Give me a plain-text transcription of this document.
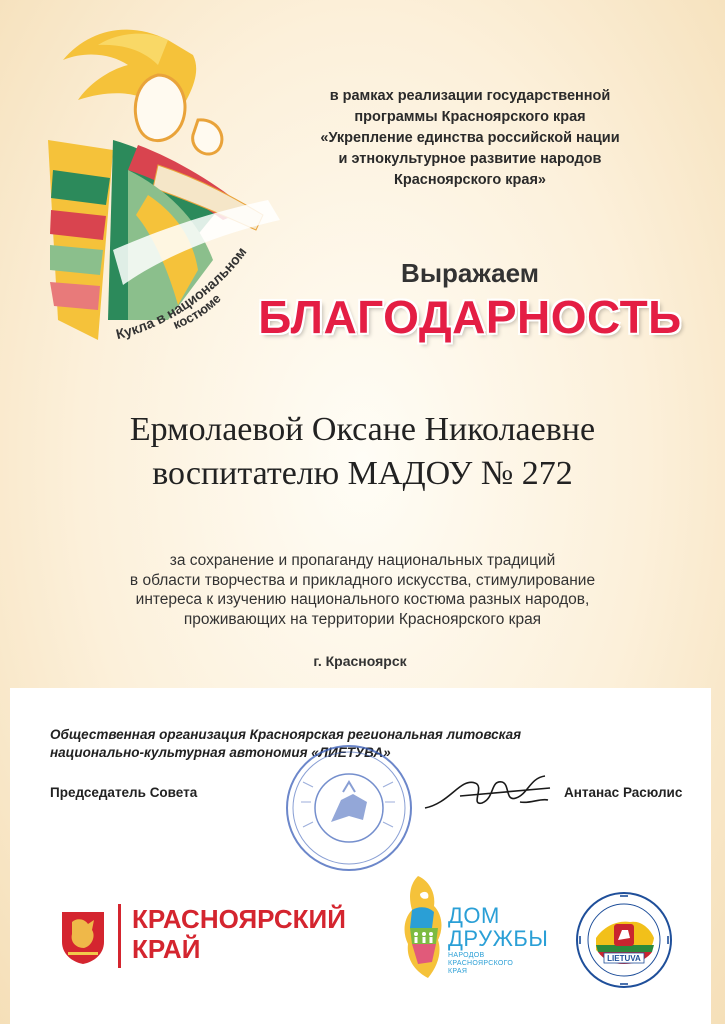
Кукла в национальном
костюме
в рамках реализации государственной
программы Красноярского края
«Укрепление единства российской нации
и этнокультурное развитие народов
Красноярского края»
Выражаем
БЛАГОДАРНОСТЬ
Ермолаевой Оксане Николаевне
воспитателю МАДОУ № 272
за сохранение и пропаганду национальных традиций
в области творчества и прикладного искусства, стимулирование
интереса к изучению национального костюма разных народов,
проживающих на территории Красноярского края
г. Красноярск
Общественная организация Красноярская региональная литовская
национально-культурная автономия «ЛИЕТУВА»
Председатель Совета	Антанас Расюлис
КРАСНОЯРСКИЙ
КРАЙ
ДОМ
ДРУЖБЫ
НАРОДОВ
КРАСНОЯРСКОГО
КРАЯ
LIETUVA
